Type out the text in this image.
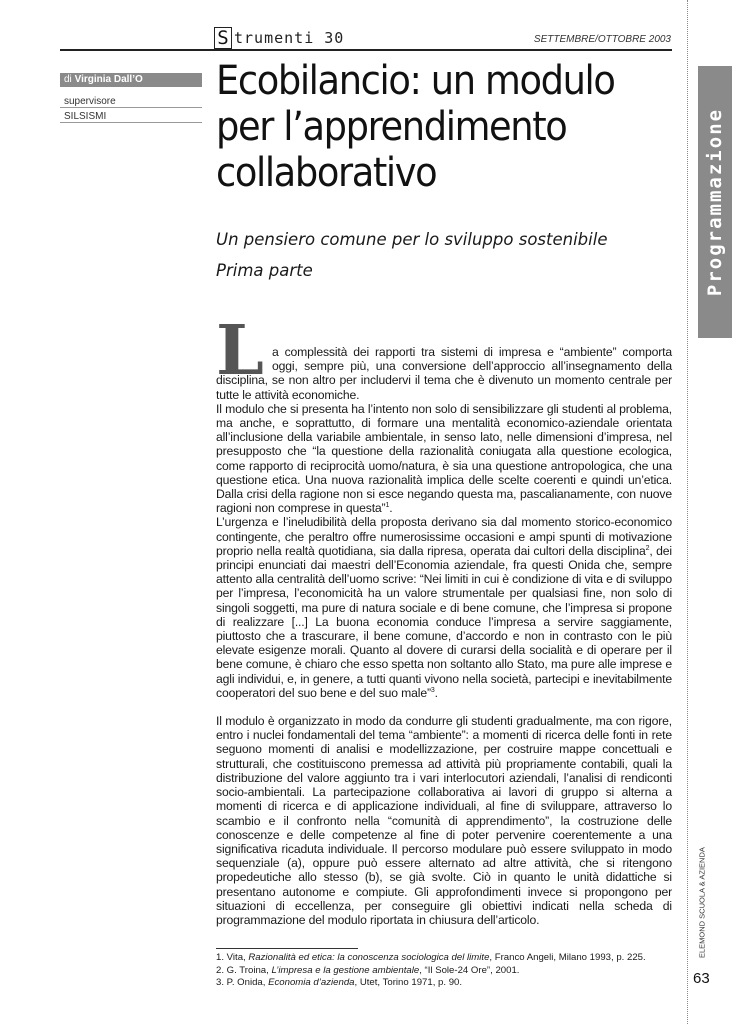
S trumenti 30	SETTEMBRE/OTTOBRE 2003
di Virginia Dall’O
supervisore
SILSISMI
Ecobilancio: un modulo per l’apprendimento collaborativo
Un pensiero comune per lo sviluppo sostenibile
Prima parte

La complessità dei rapporti tra sistemi di impresa e “ambiente” comporta oggi, sempre più, una conversione dell’approccio all’insegnamento della disciplina, se non altro per includervi il tema che è divenuto un momento centrale per tutte le attività economiche.

Il modulo che si presenta ha l’intento non solo di sensibilizzare gli studenti al problema, ma anche, e soprattutto, di formare una mentalità economico-aziendale orientata all’inclusione della variabile ambientale, in senso lato, nelle dimensioni d’impresa, nel presupposto che “la questione della razionalità coniugata alla questione ecologica, come rapporto di reciprocità uomo/natura, è sia una questione antropologica, che una questione etica. Una nuova razionalità implica delle scelte coerenti e quindi un’etica. Dalla crisi della ragione non si esce negando questa ma, pascalianamente, con nuove ragioni non comprese in questa”$^1$.

L’urgenza e l’ineludibilità della proposta derivano sia dal momento storico-economico contingente, che peraltro offre numerosissime occasioni e ampi spunti di motivazione proprio nella realtà quotidiana, sia dalla ripresa, operata dai cultori della disciplina$^2$, dei principi enunciati dai maestri dell’Economia aziendale, fra questi Onida che, sempre attento alla centralità dell’uomo scrive: “Nei limiti in cui è condizione di vita e di sviluppo per l’impresa, l’economicità ha un valore strumentale per qualsiasi fine, non solo di singoli soggetti, ma pure di natura sociale e di bene comune, che l’impresa si propone di realizzare [...] La buona economia conduce l’impresa a servire saggiamente, piuttosto che a trascurare, il bene comune, d’accordo e non in contrasto con le più elevate esigenze morali. Quanto al dovere di curarsi della socialità e di operare per il bene comune, è chiaro che esso spetta non soltanto allo Stato, ma pure alle imprese e agli individui, e, in genere, a tutti quanti vivono nella società, partecipi e inevitabilmente cooperatori del suo bene e del suo male”$^3$.

Il modulo è organizzato in modo da condurre gli studenti gradualmente, ma con rigore, entro i nuclei fondamentali del tema “ambiente”: a momenti di ricerca delle fonti in rete seguono momenti di analisi e modellizzazione, per costruire mappe concettuali e strutturali, che costituiscono premessa ad attività più propriamente contabili, quali la distribuzione del valore aggiunto tra i vari interlocutori aziendali, l’analisi di rendiconti socio-ambientali. La partecipazione collaborativa ai lavori di gruppo si alterna a momenti di ricerca e di applicazione individuali, al fine di sviluppare, attraverso lo scambio e il confronto nella “comunità di apprendimento”, la costruzione delle conoscenze e delle competenze al fine di poter pervenire coerentemente a una significativa ricaduta individuale. Il percorso modulare può essere sviluppato in modo sequenziale (a), oppure può essere alternato ad altre attività, che si ritengono propedeutiche allo stesso (b), se già svolte. Ciò in quanto le unità didattiche si presentano autonome e compiute. Gli approfondimenti invece si propongono per situazioni di eccellenza, per conseguire gli obiettivi indicati nella scheda di programmazione del modulo riportata in chiusura dell’articolo.

1. Vita, Razionalità ed etica: la conoscenza sociologica del limite, Franco Angeli, Milano 1993, p. 225.
2. G. Troina, L’impresa e la gestione ambientale, “Il Sole-24 Ore”, 2001.
3. P. Onida, Economia d’azienda, Utet, Torino 1971, p. 90.
Programmazione
ELEMOND SCUOLA & AZIENDA
63
